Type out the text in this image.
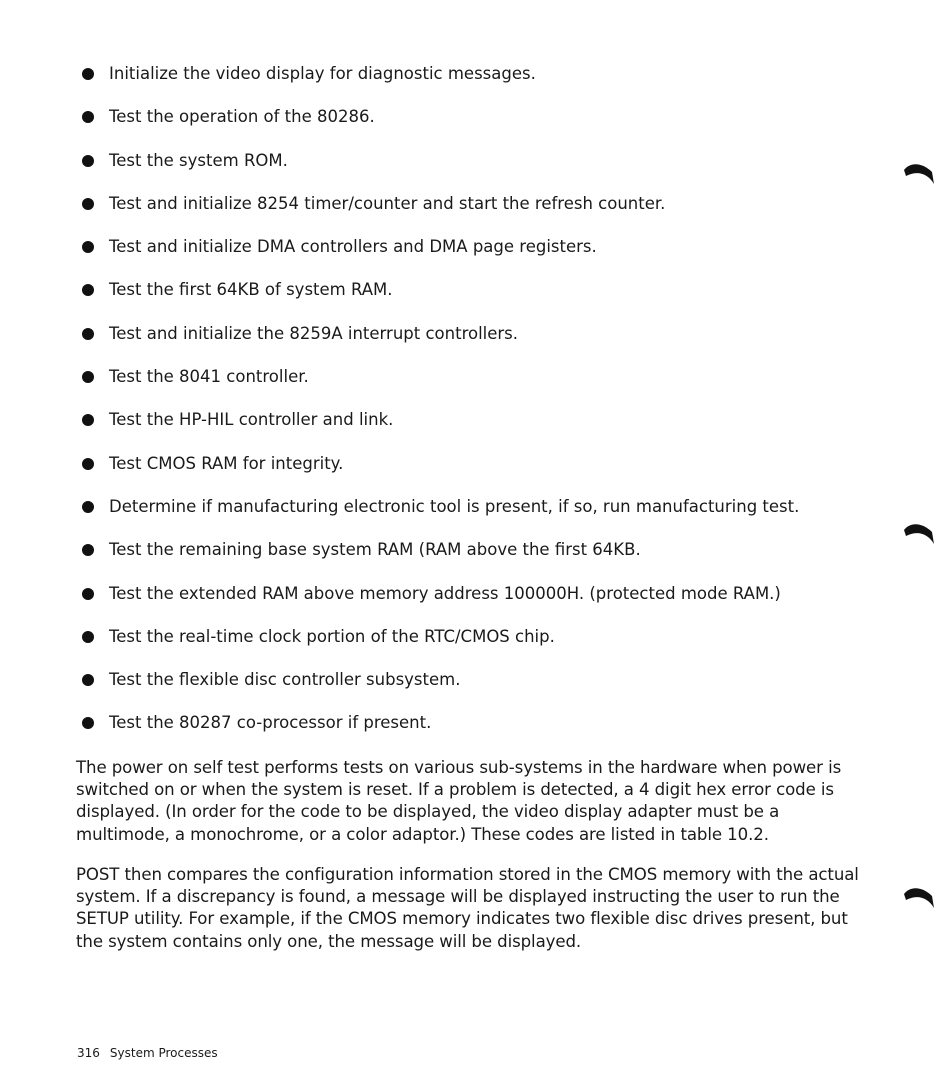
Initialize the video display for diagnostic messages.
Test the operation of the 80286.
Test the system ROM.
Test and initialize 8254 timer/counter and start the refresh counter.
Test and initialize DMA controllers and DMA page registers.
Test the first 64KB of system RAM.
Test and initialize the 8259A interrupt controllers.
Test the 8041 controller.
Test the HP-HIL controller and link.
Test CMOS RAM for integrity.
Determine if manufacturing electronic tool is present, if so, run manufacturing test.
Test the remaining base system RAM (RAM above the first 64KB.
Test the extended RAM above memory address 100000H. (protected mode RAM.)
Test the real-time clock portion of the RTC/CMOS chip.
Test the flexible disc controller subsystem.
Test the 80287 co-processor if present.

The power on self test performs tests on various sub-systems in the hardware when power is switched on or when the system is reset. If a problem is detected, a 4 digit hex error code is displayed. (In order for the code to be displayed, the video display adapter must be a multimode, a monochrome, or a color adaptor.) These codes are listed in table 10.2.

POST then compares the configuration information stored in the CMOS memory with the actual system. If a discrepancy is found, a message will be displayed instructing the user to run the SETUP utility. For example, if the CMOS memory indicates two flexible disc drives present, but the system contains only one, the message will be displayed.

316 System Processes
